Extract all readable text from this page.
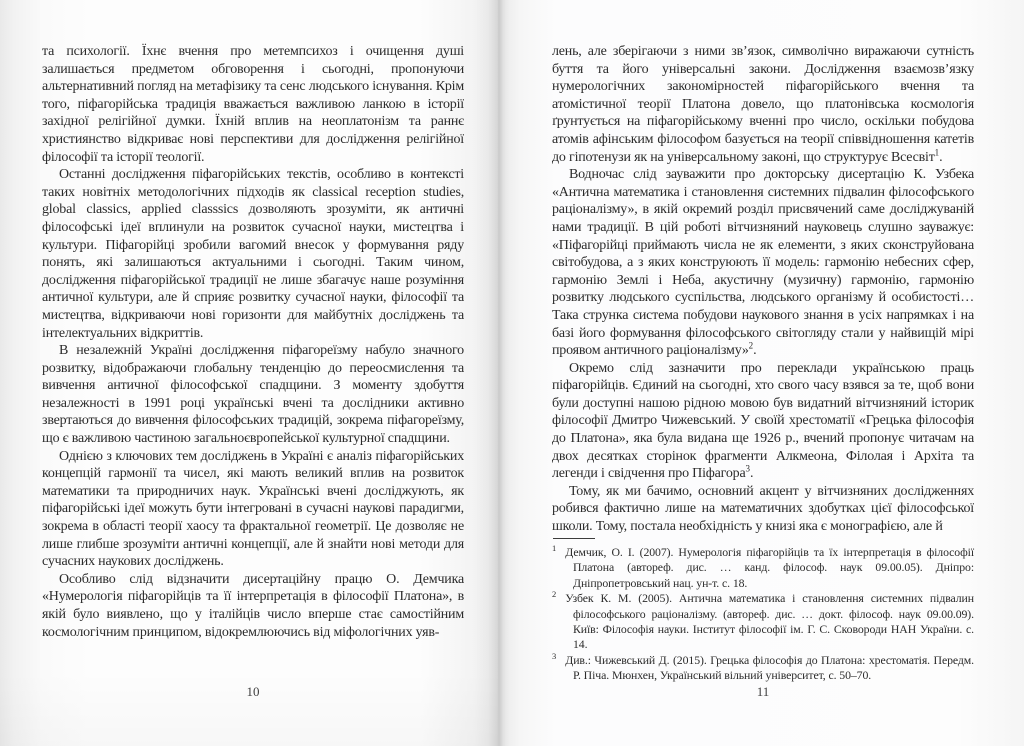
та психології. Їхнє вчення про метемпсихоз і очищення душі залишається предметом обговорення і сьогодні, пропонуючи альтернативний погляд на метафізику та сенс людського існування. Крім того, піфагорійська традиція вважається важливою ланкою в історії західної релігійної думки. Їхній вплив на неоплатонізм та раннє християнство відкриває нові перспективи для дослідження релігійної філософії та історії теології.

Останні дослідження піфагорійських текстів, особливо в контексті таких новітніх методологічних підходів як classical reception studies, global classics, applied classsics дозволяють зрозуміти, як античні філософські ідеї вплинули на розвиток сучасної науки, мистецтва і культури. Піфагорійці зробили вагомий внесок у формування ряду понять, які залишаються актуальними і сьогодні. Таким чином, дослідження піфагорійської традиції не лише збагачує наше розуміння античної культури, але й сприяє розвитку сучасної науки, філософії та мистецтва, відкриваючи нові горизонти для майбутніх досліджень та інтелектуальних відкриттів.

В незалежній Україні дослідження піфагореїзму набуло значного розвитку, відображаючи глобальну тенденцію до переосмислення та вивчення античної філософської спадщини. З моменту здобуття незалежності в 1991 році українські вчені та дослідники активно звертаються до вивчення філософських традицій, зокрема піфагореїзму, що є важливою частиною загальноєвропейської культурної спадщини.

Однією з ключових тем досліджень в Україні є аналіз піфагорійських концепцій гармонії та чисел, які мають великий вплив на розвиток математики та природничих наук. Українські вчені досліджують, як піфагорійські ідеї можуть бути інтегровані в сучасні наукові парадигми, зокрема в області теорії хаосу та фрактальної геометрії. Це дозволяє не лише глибше зрозуміти античні концепції, але й знайти нові методи для сучасних наукових досліджень.

Особливо слід відзначити дисертаційну працю О. Демчика «Нумерологія піфагорійців та її інтерпретація в філософії Платона», в якій було виявлено, що у італійців число вперше стає самостійним космологічним принципом, відокремлюючись від міфологічних уяв-

10

лень, але зберігаючи з ними зв’язок, символічно виражаючи сутність буття та його універсальні закони. Дослідження взаємозв’язку нумерологічних закономірностей піфагорійського вчення та атомістичної теорії Платона довело, що платонівська космологія ґрунтується на піфагорійському вченні про число, оскільки побудова атомів афінським філософом базується на теорії співвідношення катетів до гіпотенузи як на універсальному законі, що структурує Всесвіт$^1$.

Водночас слід зауважити про докторську дисертацію К. Узбека «Антична математика і становлення системних підвалин філософського раціоналізму», в якій окремий розділ присвячений саме досліджуваній нами традиції. В цій роботі вітчизняний науковець слушно зауважує: «Піфагорійці приймають числа не як елементи, з яких сконструйована світобудова, а з яких конструюють її модель: гармонію небесних сфер, гармонію Землі і Неба, акустичну (музичну) гармонію, гармонію розвитку людського суспільства, людського організму й особистості… Така струнка система побудови наукового знання в усіх напрямках і на базі його формування філософського світогляду стали у найвищій мірі проявом античного раціоналізму»$^2$.

Окремо слід зазначити про переклади українською праць піфагорійців. Єдиний на сьогодні, хто свого часу взявся за те, щоб вони були доступні нашою рідною мовою був видатний вітчизняний історик філософії Дмитро Чижевський. У своїй хрестоматії «Грецька філософія до Платона», яка була видана ще 1926 р., вчений пропонує читачам на двох десятках сторінок фрагменти Алкмеона, Філолая і Архіта та легенди і свідчення про Піфагора$^3$.

Тому, як ми бачимо, основний акцент у вітчизняних дослідженнях робився фактично лише на математичних здобутках цієї філософської школи. Тому, постала необхідність у книзі яка є монографією, але й

$^1$ Демчик, О. І. (2007). Нумерологія піфагорійців та їх інтерпретація в філософії Платона (автореф. дис. … канд. філософ. наук 09.00.05). Дніпро: Дніпропетровський нац. ун-т. с. 18.

$^2$ Узбек К. М. (2005). Антична математика і становлення системних підвалин філософського раціоналізму. (автореф. дис. … докт. філософ. наук 09.00.09). Київ: Філософія науки. Інститут філософії ім. Г. С. Сковороди НАН України. с. 14.

$^3$ Див.: Чижевський Д. (2015). Грецька філософія до Платона: хрестоматія. Передм. Р. Піча. Мюнхен, Український вільний університет, с. 50–70.

11
